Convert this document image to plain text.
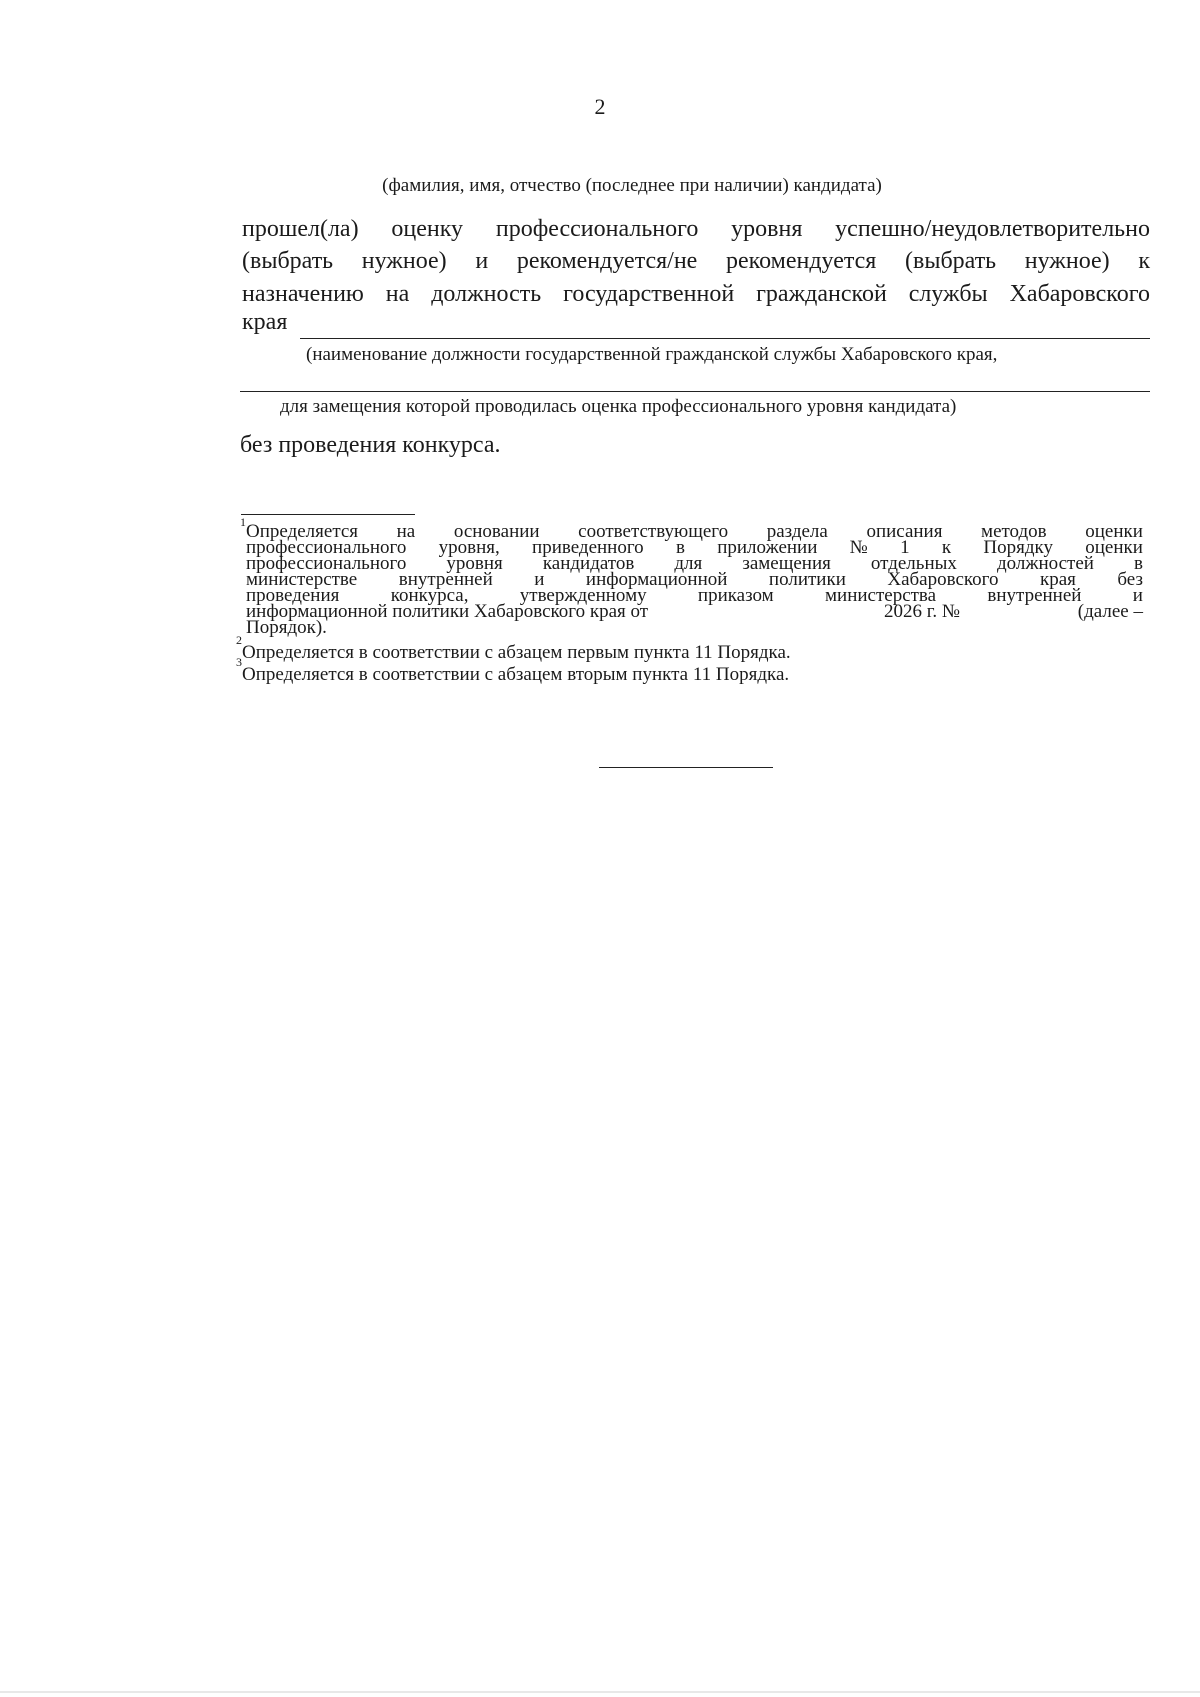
2
(фамилия, имя, отчество (последнее при наличии) кандидата)
прошел(ла) оценку профессионального уровня успешно/неудовлетворительно
(выбрать нужное) и рекомендуется/не рекомендуется (выбрать нужное) к
назначению на должность государственной гражданской службы Хабаровского
края
(наименование должности государственной гражданской службы Хабаровского края,
для замещения которой проводилась оценка профессионального уровня кандидата)
без проведения конкурса.
$^1$Определяется на основании соответствующего раздела описания методов оценки
профессионального уровня, приведенного в приложении № 1 к Порядку оценки
профессионального уровня кандидатов для замещения отдельных должностей в
министерстве внутренней и информационной политики Хабаровского края без
проведения	конкурса,	утвержденному	приказом	министерства	внутренней	и
информационной политики Хабаровского края от	2026 г. №	(далее –
Порядок).
$^2$Определяется в соответствии с абзацем первым пункта 11 Порядка.
$^3$Определяется в соответствии с абзацем вторым пункта 11 Порядка.
